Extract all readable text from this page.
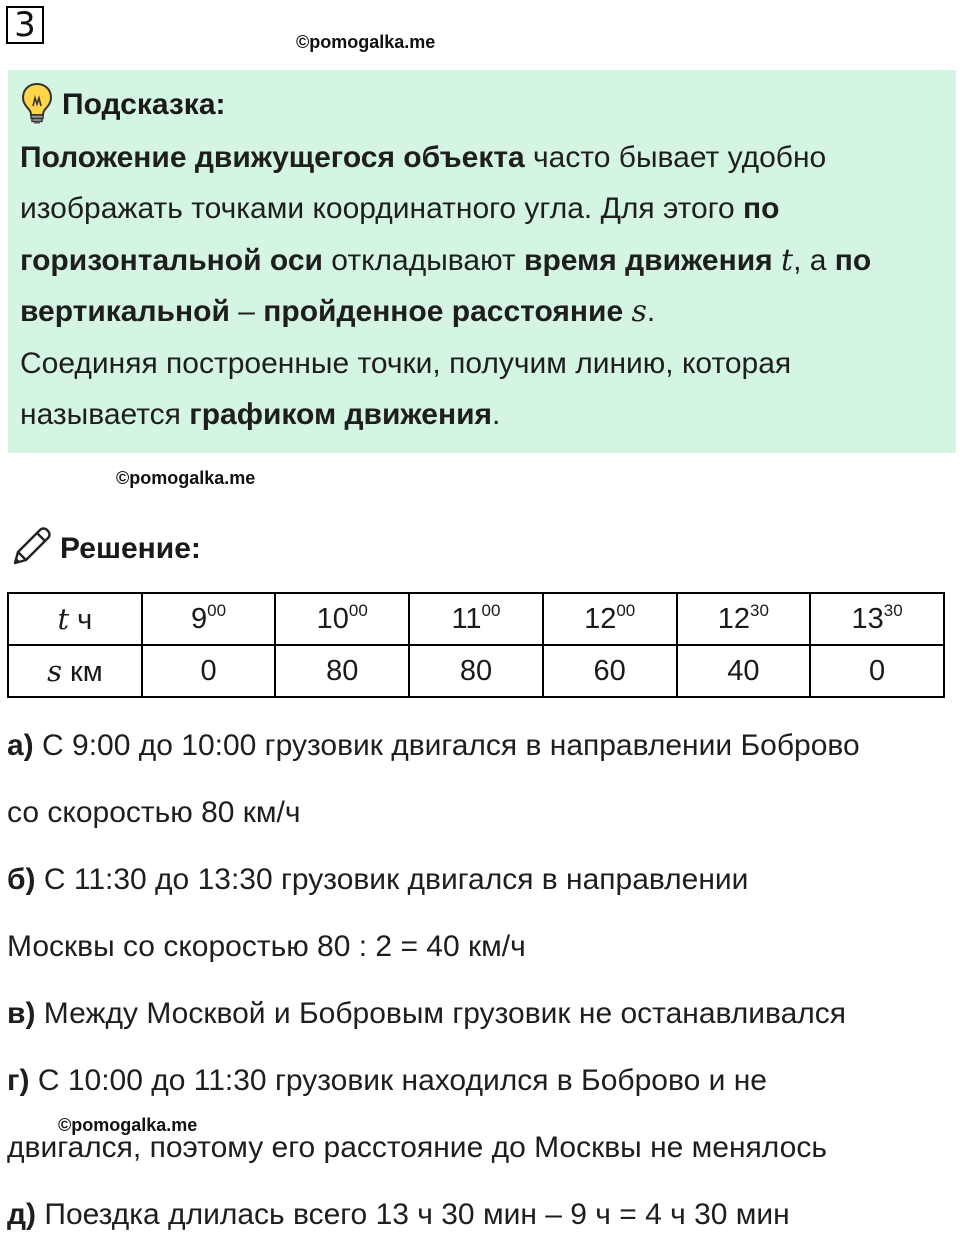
3	©pomogalka.me
Подсказка:
Положение движущегося объекта часто бывает удобно изображать точками координатного угла. Для этого по горизонтальной оси откладывают время движения t, а по вертикальной – пройденное расстояние s.
Соединяя построенные точки, получим линию, которая называется графиком движения.
©pomogalka.me
Решение:
t ч	$9^{00}$	$10^{00}$	$11^{00}$	$12^{00}$	$12^{30}$	$13^{30}$
s км	0	80	80	60	40	0
а) С 9:00 до 10:00 грузовик двигался в направлении Боброво
со скоростью 80 км/ч
б) С 11:30 до 13:30 грузовик двигался в направлении
Москвы со скоростью 80 : 2 = 40 км/ч
в) Между Москвой и Бобровым грузовик не останавливался
г) С 10:00 до 11:30 грузовик находился в Боброво и не
двигался, поэтому его расстояние до Москвы не менялось
д) Поездка длилась всего 13 ч 30 мин – 9 ч = 4 ч 30 мин
©pomogalka.me
